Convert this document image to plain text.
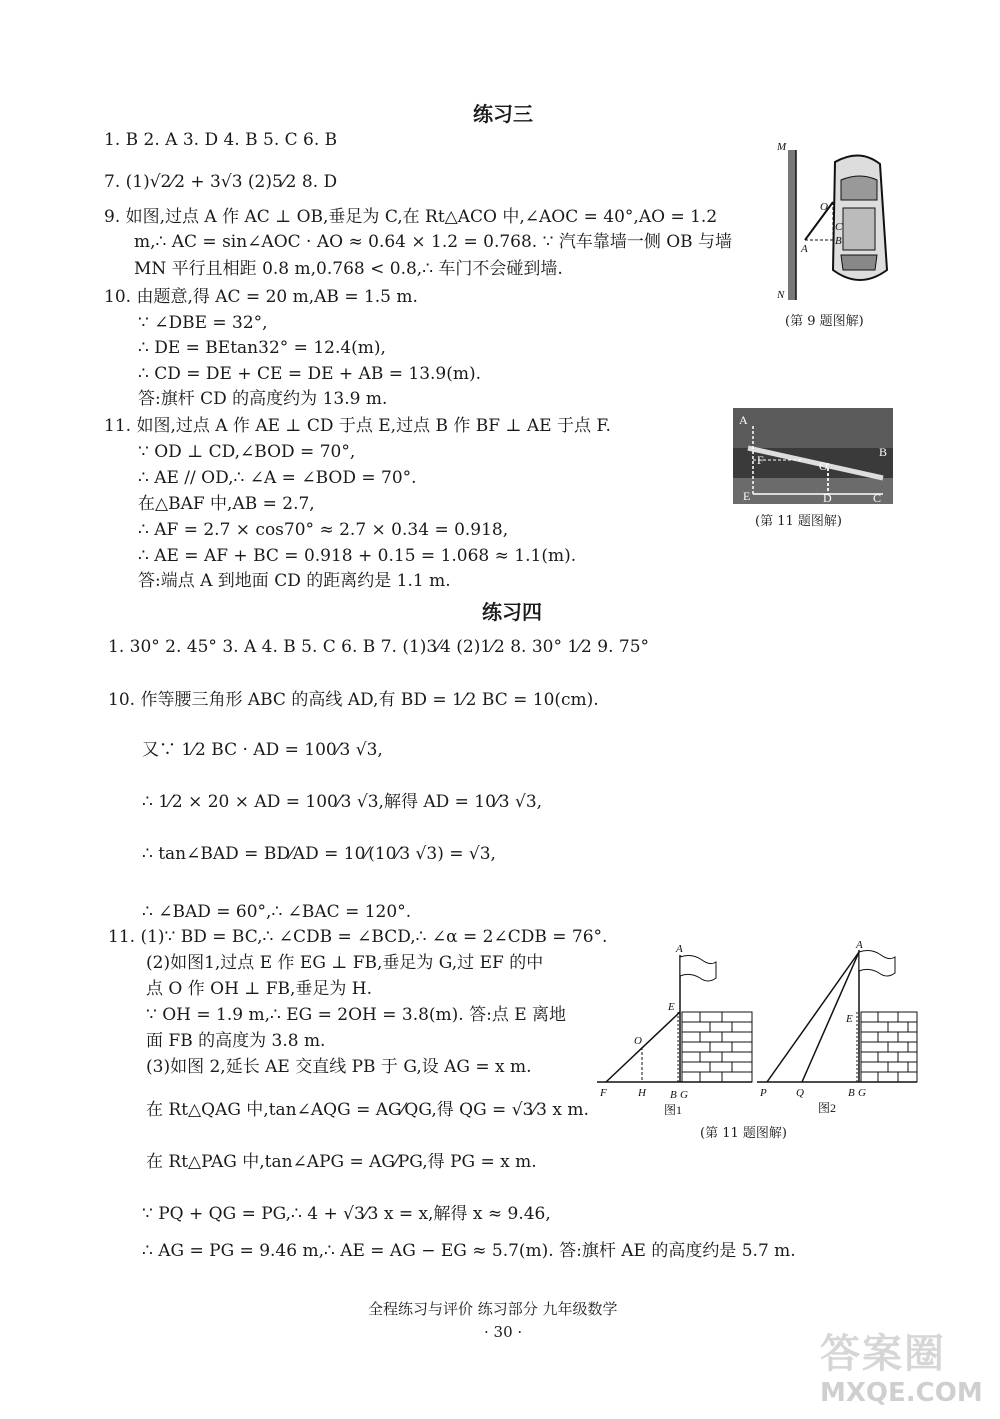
练习三
1. B 2. A 3. D 4. B 5. C 6. B
7. (1)√2⁄2 + 3√3 (2)5⁄2 8. D
9. 如图,过点 A 作 AC ⊥ OB,垂足为 C,在 Rt△ACO 中,∠AOC = 40°,AO = 1.2
m,∴ AC = sin∠AOC · AO ≈ 0.64 × 1.2 = 0.768. ∵ 汽车靠墙一侧 OB 与墙
MN 平行且相距 0.8 m,0.768 < 0.8,∴ 车门不会碰到墙.
10. 由题意,得 AC = 20 m,AB = 1.5 m.
∵ ∠DBE = 32°,
∴ DE = BEtan32° = 12.4(m),
∴ CD = DE + CE = DE + AB = 13.9(m).
答:旗杆 CD 的高度约为 13.9 m.
11. 如图,过点 A 作 AE ⊥ CD 于点 E,过点 B 作 BF ⊥ AE 于点 F.
∵ OD ⊥ CD,∠BOD = 70°,
∴ AE // OD,∴ ∠A = ∠BOD = 70°.
在△BAF 中,AB = 2.7,
∴ AF = 2.7 × cos70° ≈ 2.7 × 0.34 = 0.918,
∴ AE = AF + BC = 0.918 + 0.15 = 1.068 ≈ 1.1(m).
答:端点 A 到地面 CD 的距离约是 1.1 m.
M
O
C
B
A
N
(第 9 题图解)
A
O
B
F
E	D	C
(第 11 题图解)
练习四
1. 30° 2. 45° 3. A 4. B 5. C 6. B 7. (1)3⁄4 (2)1⁄2 8. 30° 1⁄2 9. 75°
10. 作等腰三角形 ABC 的高线 AD,有 BD = 1⁄2 BC = 10(cm).
又∵ 1⁄2 BC · AD = 100⁄3 √3,
∴ 1⁄2 × 20 × AD = 100⁄3 √3,解得 AD = 10⁄3 √3,
∴ tan∠BAD = BD⁄AD = 10⁄(10⁄3 √3) = √3,
∴ ∠BAD = 60°,∴ ∠BAC = 120°.
11. (1)∵ BD = BC,∴ ∠CDB = ∠BCD,∴ ∠α = 2∠CDB = 76°.
(2)如图1,过点 E 作 EG ⊥ FB,垂足为 G,过 EF 的中
点 O 作 OH ⊥ FB,垂足为 H.
∵ OH = 1.9 m,∴ EG = 2OH = 3.8(m). 答:点 E 离地
面 FB 的高度为 3.8 m.
(3)如图 2,延长 AE 交直线 PB 于 G,设 AG = x m.
在 Rt△QAG 中,tan∠AQG = AG⁄QG,得 QG = √3⁄3 x m.
在 Rt△PAG 中,tan∠APG = AG⁄PG,得 PG = x m.
∵ PQ + QG = PG,∴ 4 + √3⁄3 x = x,解得 x ≈ 9.46,
∴ AG = PG = 9.46 m,∴ AE = AG − EG ≈ 5.7(m). 答:旗杆 AE 的高度约是 5.7 m.
A
E
O
F	H B G
图1
A
E
P	Q	B G
图2
(第 11 题图解)
全程练习与评价 练习部分 九年级数学
· 30 ·	答案圈
MXQE.COM
